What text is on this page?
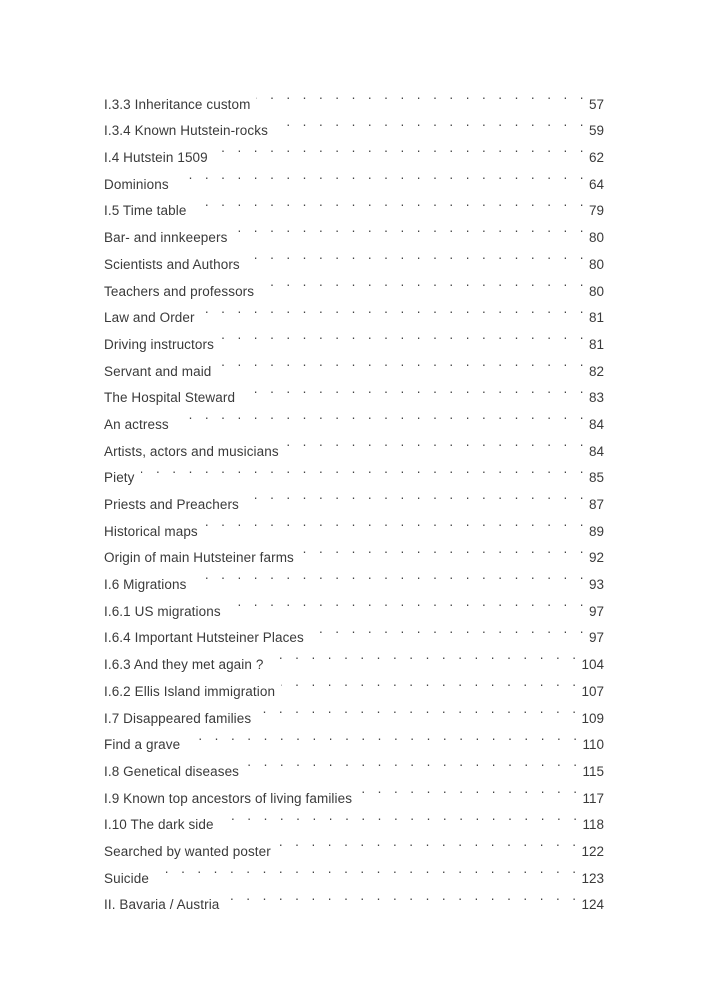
I.3.3 Inheritance custom . . .	57
I.3.4 Known Hutstein-rocks . . .	59
I.4 Hutstein 1509 . . .	62
Dominions . . .	64
I.5 Time table . . .	79
Bar- and innkeepers . . .	80
Scientists and Authors . . .	80
Teachers and professors . . .	80
Law and Order . . .	81
Driving instructors . . .	81
Servant and maid . . .	82
The Hospital Steward . . .	83
An actress . . .	84
Artists, actors and musicians . . .	84
Piety . . .	85
Priests and Preachers . . .	87
Historical maps . . .	89
Origin of main Hutsteiner farms . . .	92
I.6 Migrations . . .	93
I.6.1 US migrations . . .	97
I.6.4 Important Hutsteiner Places . . .	97
I.6.3 And they met again ? . . .	104
I.6.2 Ellis Island immigration . . .	107
I.7 Disappeared families . . .	109
Find a grave . . .	110
I.8 Genetical diseases . . .	115
I.9 Known top ancestors of living families . . .	117
I.10 The dark side . . .	118
Searched by wanted poster . . .	122
Suicide . . .	123
II. Bavaria / Austria . . .	124
